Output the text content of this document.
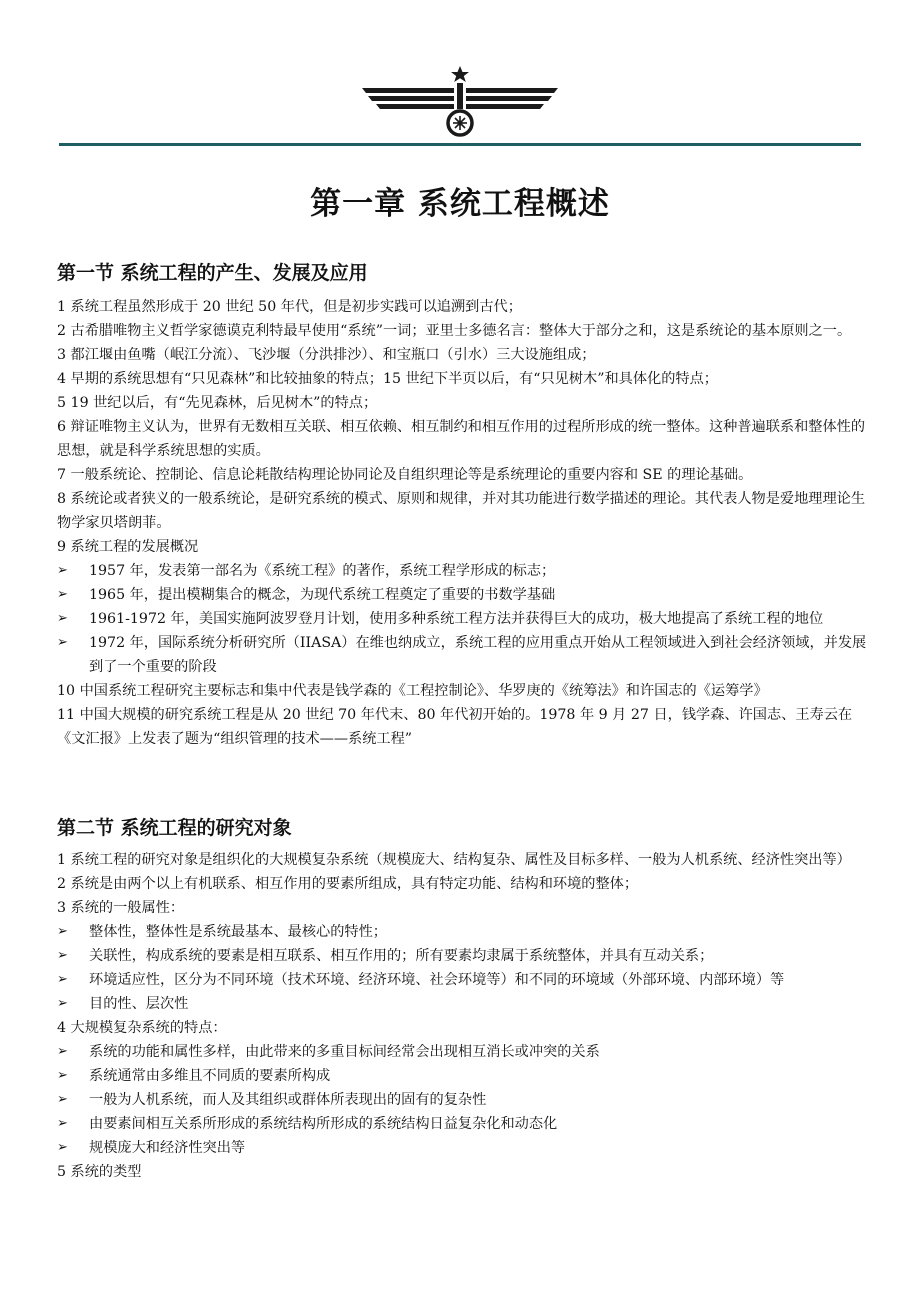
第一章 系统工程概述
第一节 系统工程的产生、发展及应用

1 系统工程虽然形成于 20 世纪 50 年代，但是初步实践可以追溯到古代；

2 古希腊唯物主义哲学家德谟克利特最早使用“系统”一词；亚里士多德名言：整体大于部分之和，这是系统论的基本原则之一。

3 都江堰由鱼嘴（岷江分流）、飞沙堰（分洪排沙）、和宝瓶口（引水）三大设施组成；

4 早期的系统思想有“只见森林”和比较抽象的特点；15 世纪下半页以后，有“只见树木”和具体化的特点；

5 19 世纪以后，有“先见森林，后见树木”的特点；

6 辩证唯物主义认为，世界有无数相互关联、相互依赖、相互制约和相互作用的过程所形成的统一整体。这种普遍联系和整体性的思想，就是科学系统思想的实质。

7 一般系统论、控制论、信息论耗散结构理论协同论及自组织理论等是系统理论的重要内容和 SE 的理论基础。

8 系统论或者狭义的一般系统论，是研究系统的模式、原则和规律，并对其功能进行数学描述的理论。其代表人物是爱地理理论生物学家贝塔朗菲。

9 系统工程的发展概况

➢ 1957 年，发表第一部名为《系统工程》的著作，系统工程学形成的标志；

➢ 1965 年，提出模糊集合的概念，为现代系统工程奠定了重要的书数学基础

➢ 1961-1972 年，美国实施阿波罗登月计划，使用多种系统工程方法并获得巨大的成功，极大地提高了系统工程的地位

➢ 1972 年，国际系统分析研究所（IIASA）在维也纳成立，系统工程的应用重点开始从工程领域进入到社会经济领域，并发展到了一个重要的阶段

10 中国系统工程研究主要标志和集中代表是钱学森的《工程控制论》、华罗庚的《统筹法》和许国志的《运筹学》

11 中国大规模的研究系统工程是从 20 世纪 70 年代末、80 年代初开始的。1978 年 9 月 27 日，钱学森、许国志、王寿云在《文汇报》上发表了题为“组织管理的技术——系统工程”

第二节 系统工程的研究对象

1 系统工程的研究对象是组织化的大规模复杂系统（规模庞大、结构复杂、属性及目标多样、一般为人机系统、经济性突出等）

2 系统是由两个以上有机联系、相互作用的要素所组成，具有特定功能、结构和环境的整体；

3 系统的一般属性：

➢ 整体性，整体性是系统最基本、最核心的特性；

➢ 关联性，构成系统的要素是相互联系、相互作用的；所有要素均隶属于系统整体，并具有互动关系；

➢ 环境适应性，区分为不同环境（技术环境、经济环境、社会环境等）和不同的环境域（外部环境、内部环境）等

➢ 目的性、层次性

4 大规模复杂系统的特点：

➢ 系统的功能和属性多样，由此带来的多重目标间经常会出现相互消长或冲突的关系

➢ 系统通常由多维且不同质的要素所构成

➢ 一般为人机系统，而人及其组织或群体所表现出的固有的复杂性

➢ 由要素间相互关系所形成的系统结构所形成的系统结构日益复杂化和动态化

➢ 规模庞大和经济性突出等

5 系统的类型
